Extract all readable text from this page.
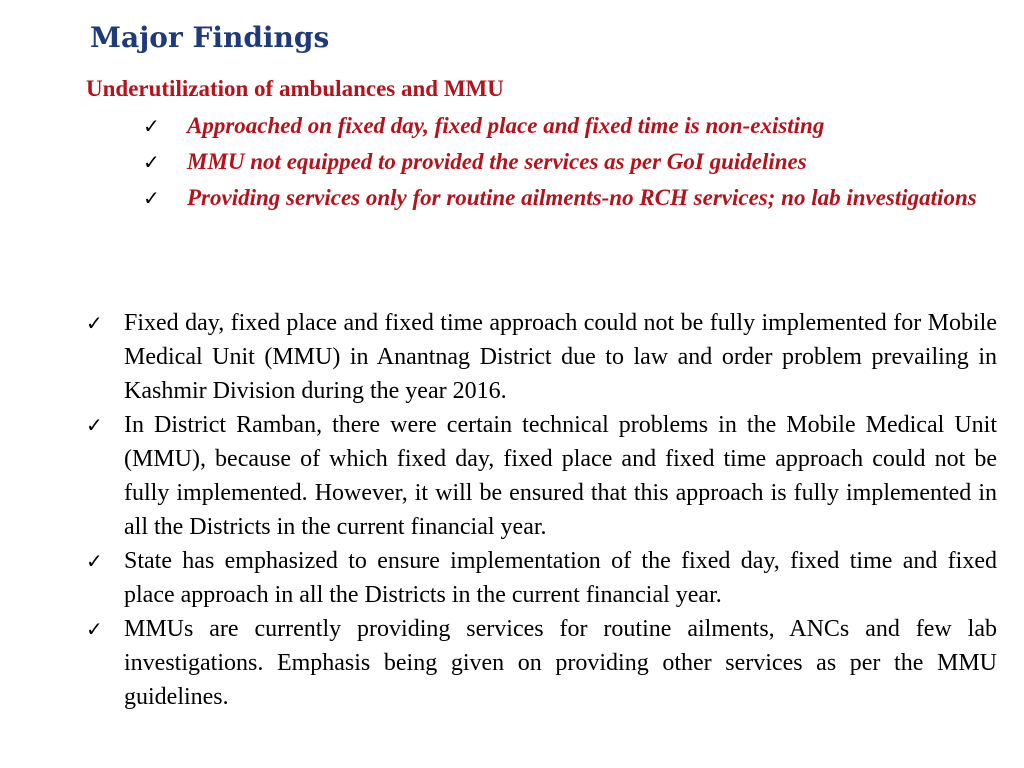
Major Findings
Underutilization of ambulances and MMU
✓ Approached on fixed day, fixed place and fixed time is non-existing
✓ MMU not equipped to provided the services as per GoI guidelines
✓ Providing services only for routine ailments-no RCH services; no lab investigations
✓ Fixed day, fixed place and fixed time approach could not be fully implemented for Mobile Medical Unit (MMU) in Anantnag District due to law and order problem prevailing in Kashmir Division during the year 2016.
✓ In District Ramban, there were certain technical problems in the Mobile Medical Unit (MMU), because of which fixed day, fixed place and fixed time approach could not be fully implemented. However, it will be ensured that this approach is fully implemented in all the Districts in the current financial year.
✓ State has emphasized to ensure implementation of the fixed day, fixed time and fixed place approach in all the Districts in the current financial year.
✓ MMUs are currently providing services for routine ailments, ANCs and few lab investigations. Emphasis being given on providing other services as per the MMU guidelines.
